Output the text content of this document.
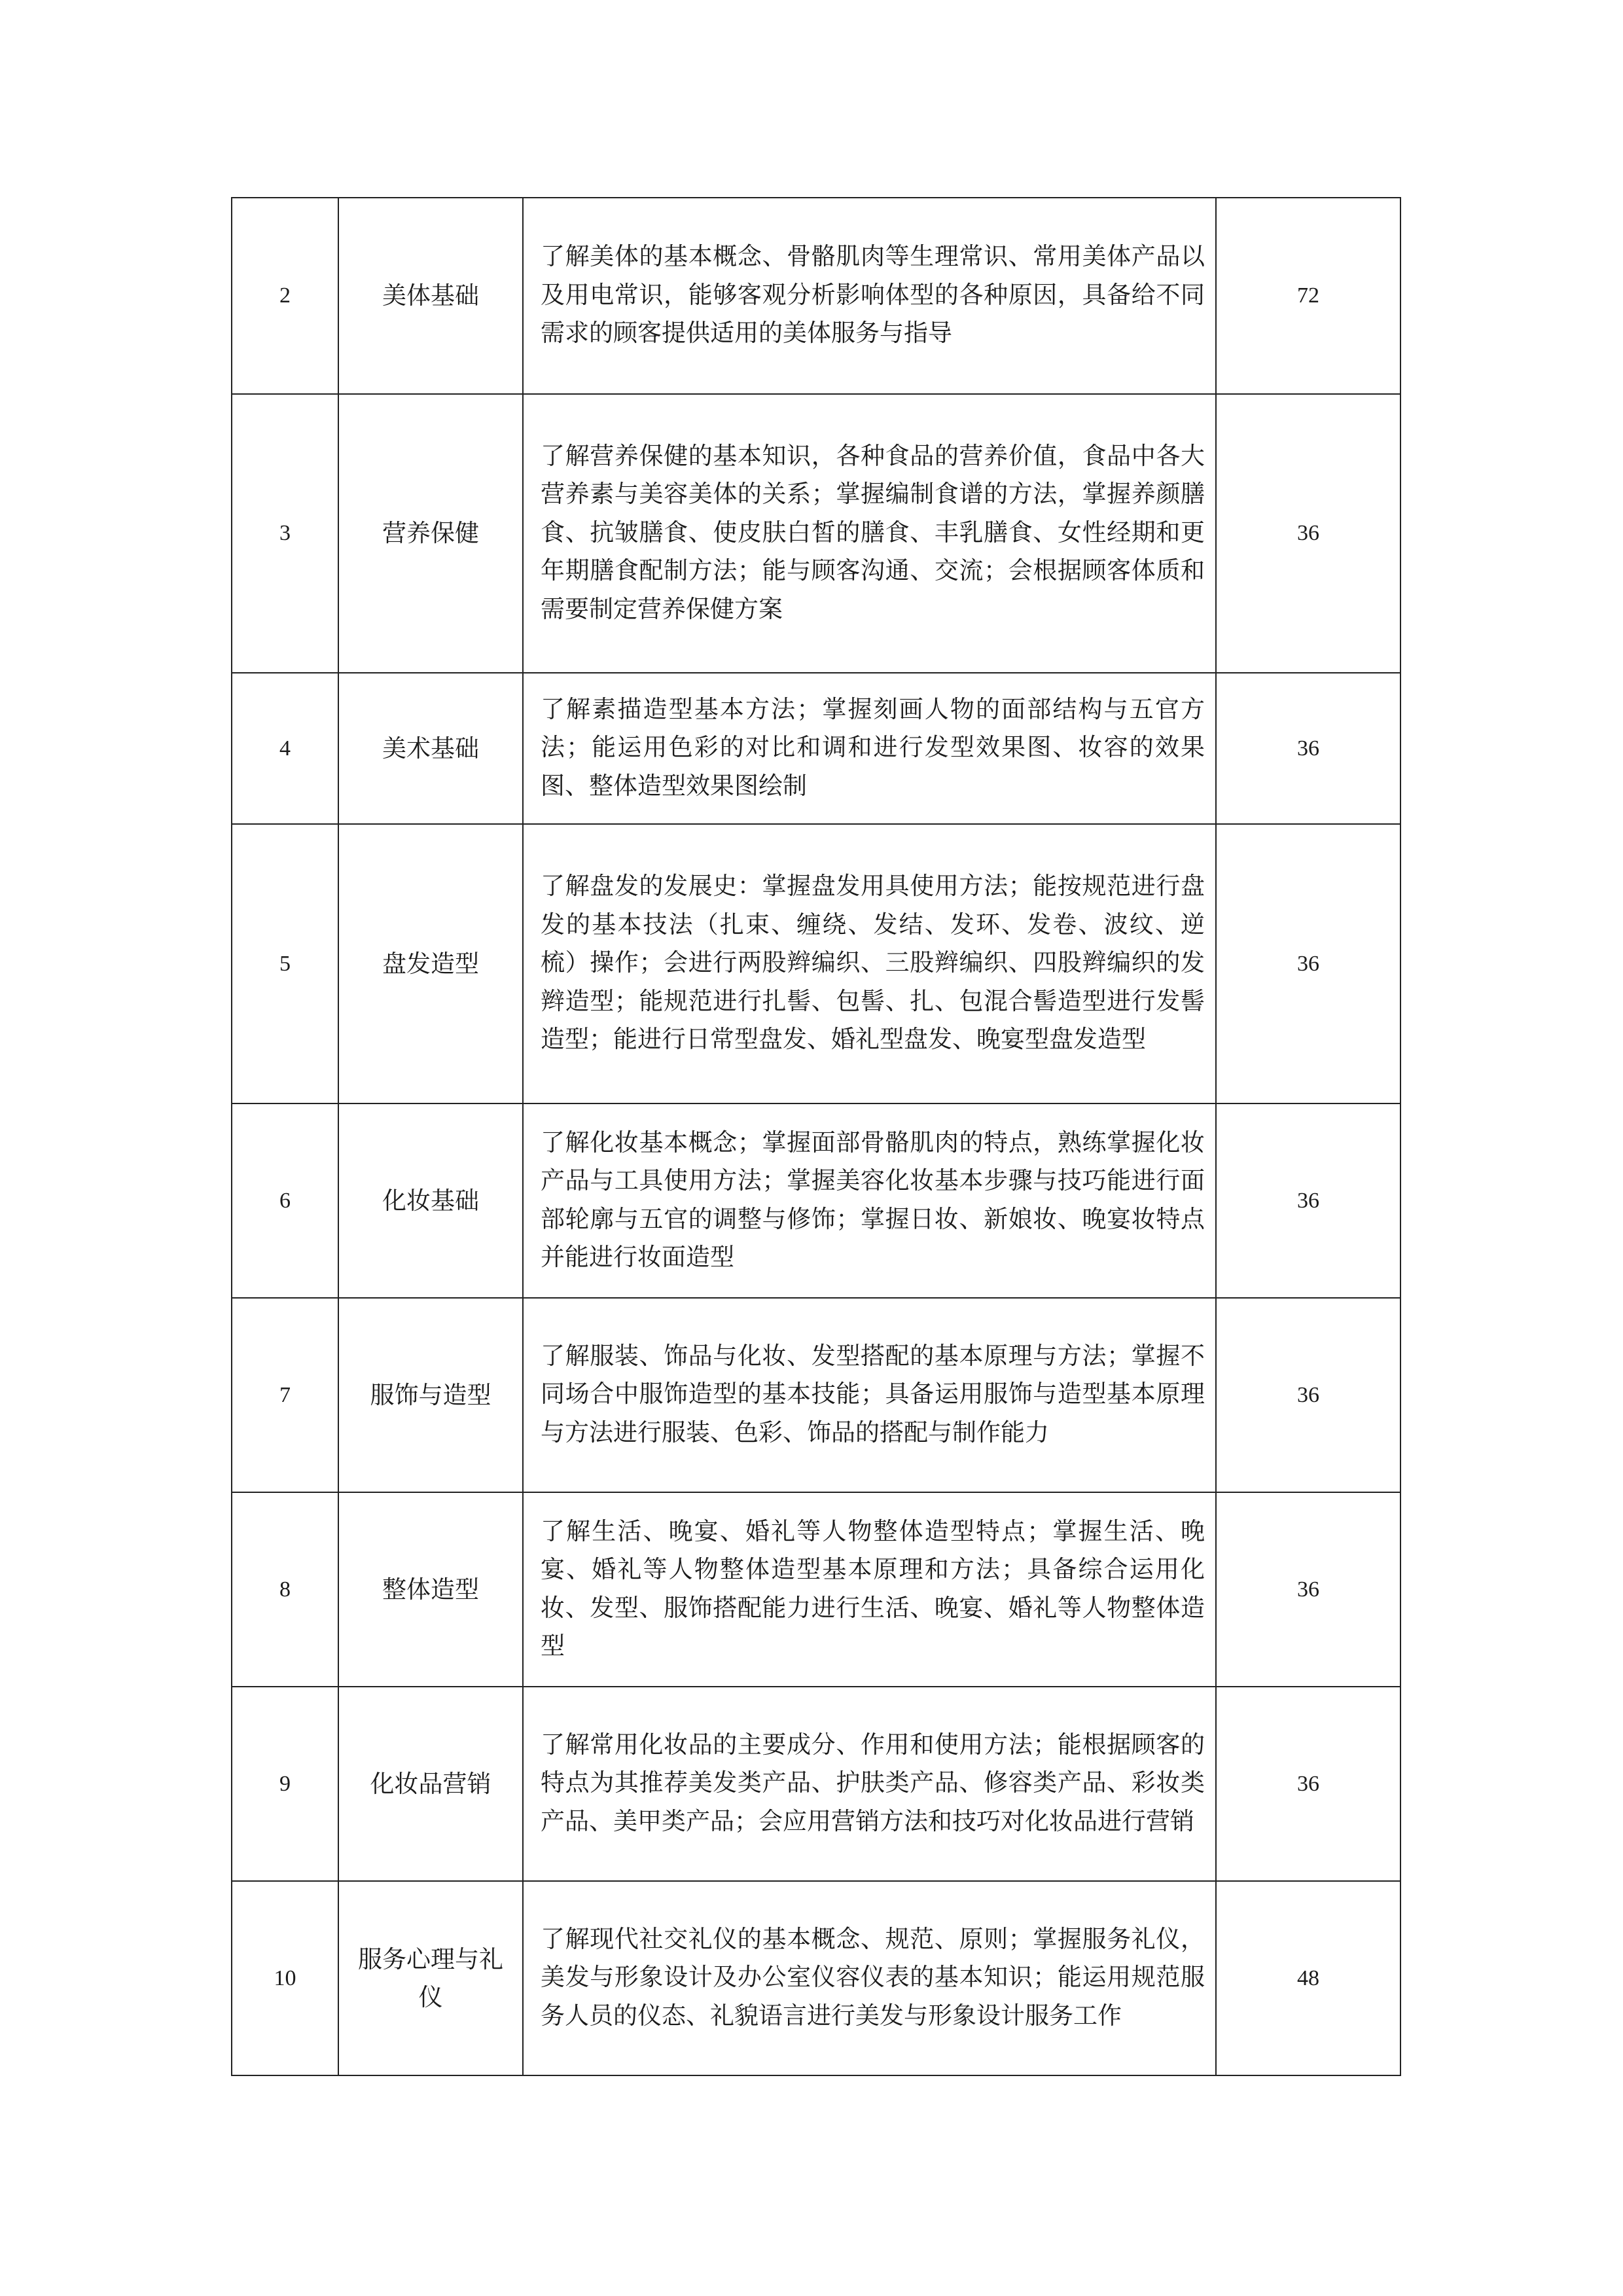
2	美体基础	了解美体的基本概念、骨骼肌肉等生理常识、常用美体产品以及用电常识，能够客观分析影响体型的各种原因，具备给不同需求的顾客提供适用的美体服务与指导	72
3	营养保健	了解营养保健的基本知识，各种食品的营养价值，食品中各大营养素与美容美体的关系；掌握编制食谱的方法，掌握养颜膳食、抗皱膳食、使皮肤白皙的膳食、丰乳膳食、女性经期和更年期膳食配制方法；能与顾客沟通、交流；会根据顾客体质和需要制定营养保健方案	36
4	美术基础	了解素描造型基本方法；掌握刻画人物的面部结构与五官方法；能运用色彩的对比和调和进行发型效果图、妆容的效果图、整体造型效果图绘制	36
5	盘发造型	了解盘发的发展史：掌握盘发用具使用方法；能按规范进行盘发的基本技法（扎束、缠绕、发结、发环、发卷、波纹、逆梳）操作；会进行两股辫编织、三股辫编织、四股辫编织的发辫造型；能规范进行扎髻、包髻、扎、包混合髻造型进行发髻造型；能进行日常型盘发、婚礼型盘发、晚宴型盘发造型	36
6	化妆基础	了解化妆基本概念；掌握面部骨骼肌肉的特点，熟练掌握化妆产品与工具使用方法；掌握美容化妆基本步骤与技巧能进行面部轮廓与五官的调整与修饰；掌握日妆、新娘妆、晚宴妆特点并能进行妆面造型	36
7	服饰与造型	了解服装、饰品与化妆、发型搭配的基本原理与方法；掌握不同场合中服饰造型的基本技能；具备运用服饰与造型基本原理与方法进行服装、色彩、饰品的搭配与制作能力	36
8	整体造型	了解生活、晚宴、婚礼等人物整体造型特点；掌握生活、晚宴、婚礼等人物整体造型基本原理和方法；具备综合运用化妆、发型、服饰搭配能力进行生活、晚宴、婚礼等人物整体造型	36
9	化妆品营销	了解常用化妆品的主要成分、作用和使用方法；能根据顾客的特点为其推荐美发类产品、护肤类产品、修容类产品、彩妆类产品、美甲类产品；会应用营销方法和技巧对化妆品进行营销	36
10	服务心理与礼仪	了解现代社交礼仪的基本概念、规范、原则；掌握服务礼仪，美发与形象设计及办公室仪容仪表的基本知识；能运用规范服务人员的仪态、礼貌语言进行美发与形象设计服务工作	48
